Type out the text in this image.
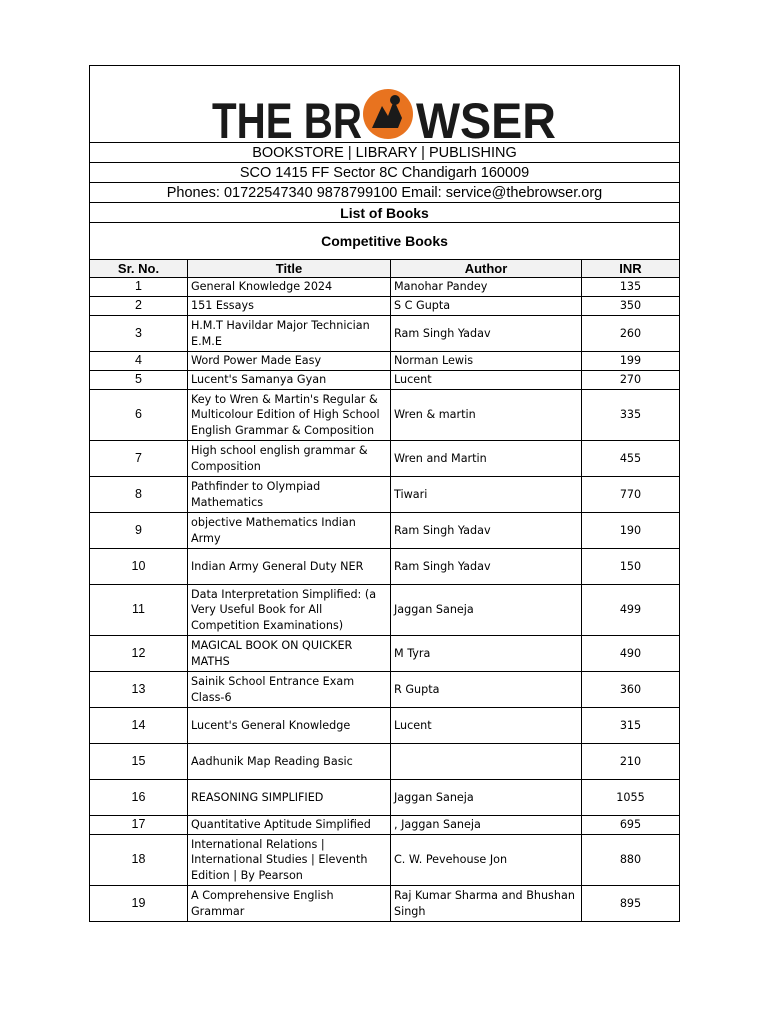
THE BR WSER			

BOOKSTORE | LIBRARY | PUBLISHING			
SCO 1415 FF Sector 8C Chandigarh 160009			
Phones: 01722547340 9878799100 Email: service@thebrowser.org			
List of Books			
Competitive Books			
Sr. No.	Title	Author	INR
1	General Knowledge 2024	Manohar Pandey	135
2	151 Essays	S C Gupta	350
3	H.M.T Havildar Major Technician E.M.E	Ram Singh Yadav	260
4	Word Power Made Easy	Norman Lewis	199
5	Lucent's Samanya Gyan	Lucent	270
6	Key to Wren & Martin's Regular & Multicolour Edition of High School English Grammar & Composition	Wren & martin	335
7	High school english grammar & Composition	Wren and Martin	455
8	Pathfinder to Olympiad Mathematics	Tiwari	770
9	objective Mathematics Indian Army	Ram Singh Yadav	190
10	Indian Army General Duty NER	Ram Singh Yadav	150
11	Data Interpretation Simplified: (a Very Useful Book for All Competition Examinations)	Jaggan Saneja	499
12	MAGICAL BOOK ON QUICKER MATHS	M Tyra	490
13	Sainik School Entrance Exam Class-6	R Gupta	360
14	Lucent's General Knowledge	Lucent	315
15	Aadhunik Map Reading Basic		210
16	REASONING SIMPLIFIED	Jaggan Saneja	1055
17	Quantitative Aptitude Simplified	, Jaggan Saneja	695
18	International Relations | International Studies | Eleventh Edition | By Pearson	C. W. Pevehouse Jon	880
19	A Comprehensive English Grammar	Raj Kumar Sharma and Bhushan Singh	895
